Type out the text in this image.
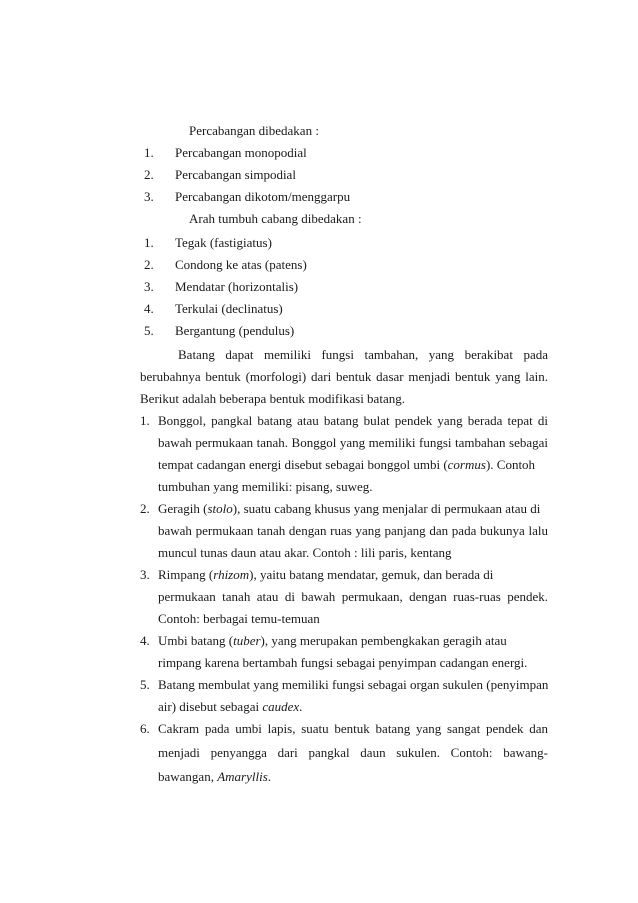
Percabangan dibedakan :
1. Percabangan monopodial
2. Percabangan simpodial
3. Percabangan dikotom/menggarpu
Arah tumbuh cabang dibedakan :
1. Tegak (fastigiatus)
2. Condong ke atas (patens)
3. Mendatar (horizontalis)
4. Terkulai (declinatus)
5. Bergantung (pendulus)
Batang dapat memiliki fungsi tambahan, yang berakibat pada
berubahnya bentuk (morfologi) dari bentuk dasar menjadi bentuk yang lain.
Berikut adalah beberapa bentuk modifikasi batang.
1. Bonggol, pangkal batang atau batang bulat pendek yang berada tepat di
bawah permukaan tanah. Bonggol yang memiliki fungsi tambahan sebagai
tempat cadangan energi disebut sebagai bonggol umbi (cormus). Contoh
tumbuhan yang memiliki: pisang, suweg.
2. Geragih (stolo), suatu cabang khusus yang menjalar di permukaan atau di
bawah permukaan tanah dengan ruas yang panjang dan pada bukunya lalu
muncul tunas daun atau akar. Contoh : lili paris, kentang
3. Rimpang (rhizom), yaitu batang mendatar, gemuk, dan berada di
permukaan tanah atau di bawah permukaan, dengan ruas-ruas pendek.
Contoh: berbagai temu-temuan
4. Umbi batang (tuber), yang merupakan pembengkakan geragih atau
rimpang karena bertambah fungsi sebagai penyimpan cadangan energi.
5. Batang membulat yang memiliki fungsi sebagai organ sukulen (penyimpan
air) disebut sebagai caudex.
6. Cakram pada umbi lapis, suatu bentuk batang yang sangat pendek dan
menjadi penyangga dari pangkal daun sukulen. Contoh: bawang-
bawangan, Amaryllis.
